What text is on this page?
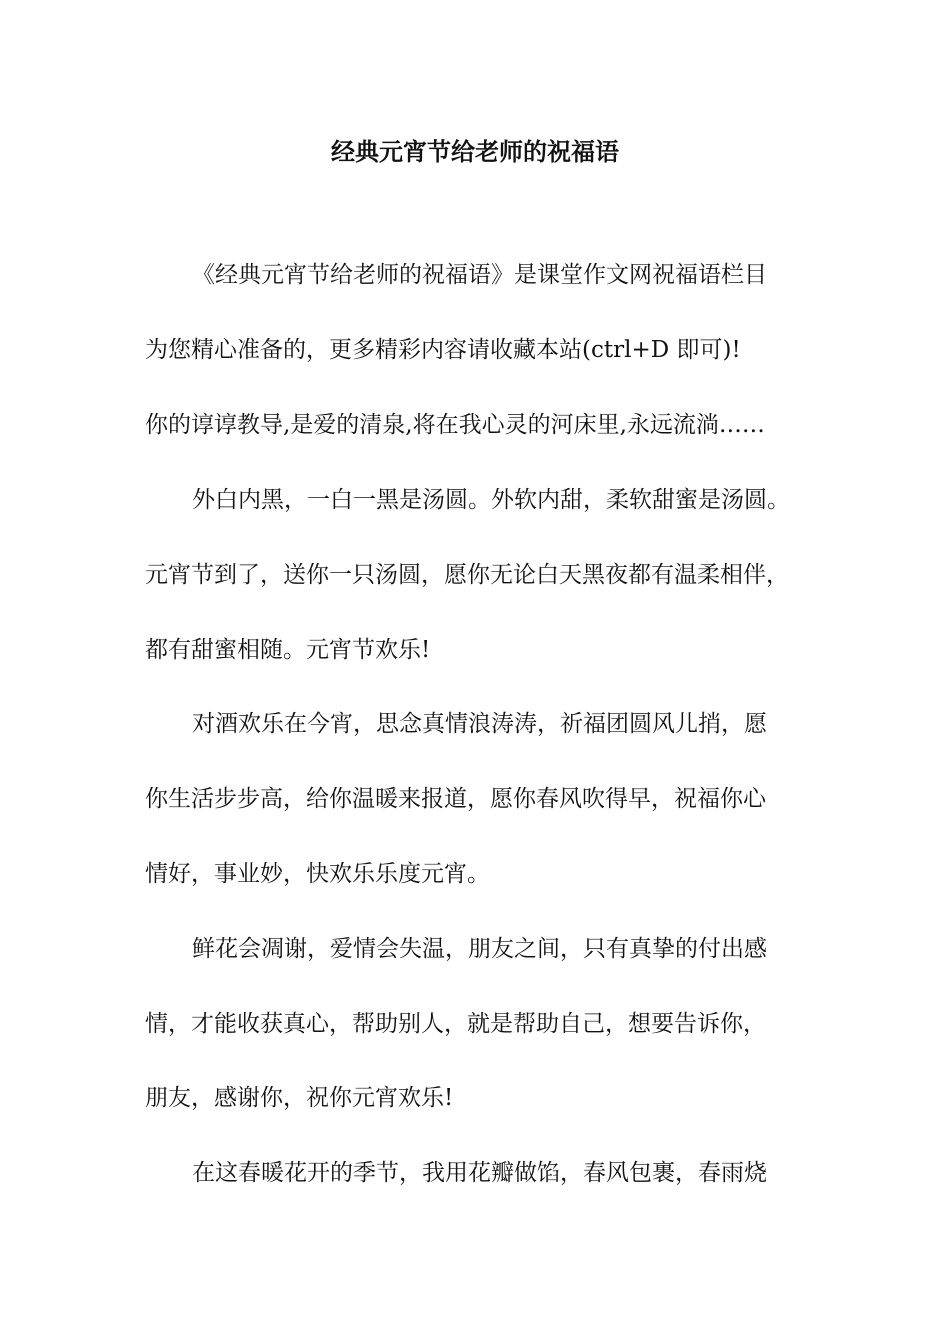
经典元宵节给老师的祝福语

《经典元宵节给老师的祝福语》是课堂作文网祝福语栏目

为您精心准备的，更多精彩内容请收藏本站(ctrl+D 即可)!

你的谆谆教导,是爱的清泉,将在我心灵的河床里,永远流淌……

外白内黑，一白一黑是汤圆。外软内甜，柔软甜蜜是汤圆。

元宵节到了，送你一只汤圆，愿你无论白天黑夜都有温柔相伴，

都有甜蜜相随。元宵节欢乐!

对酒欢乐在今宵，思念真情浪涛涛，祈福团圆风儿捎，愿

你生活步步高，给你温暖来报道，愿你春风吹得早，祝福你心

情好，事业妙，快欢乐乐度元宵。

鲜花会凋谢，爱情会失温，朋友之间，只有真挚的付出感

情，才能收获真心，帮助别人，就是帮助自己，想要告诉你，

朋友，感谢你，祝你元宵欢乐!

在这春暖花开的季节，我用花瓣做馅，春风包裹，春雨烧
